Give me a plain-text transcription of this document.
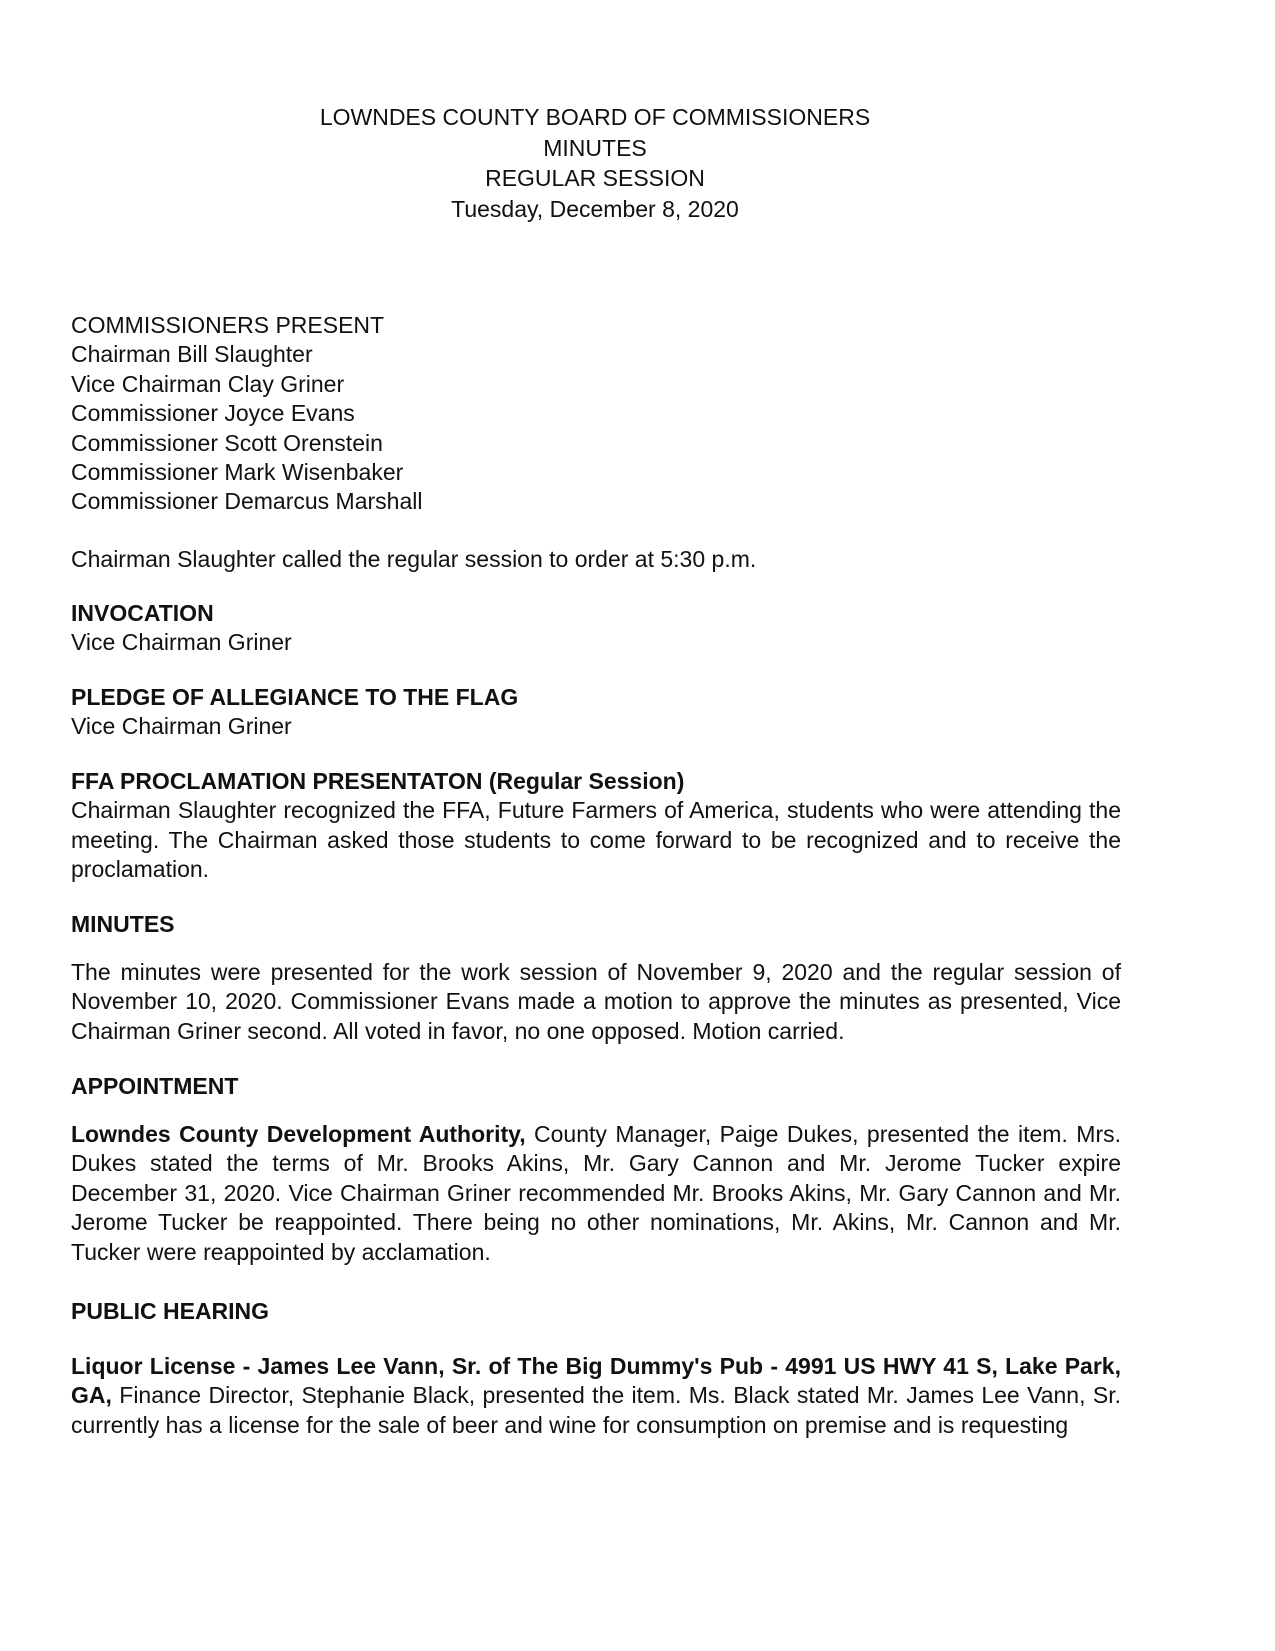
LOWNDES COUNTY BOARD OF COMMISSIONERS
MINUTES
REGULAR SESSION
Tuesday, December 8, 2020
COMMISSIONERS PRESENT
Chairman Bill Slaughter
Vice Chairman Clay Griner
Commissioner Joyce Evans
Commissioner Scott Orenstein
Commissioner Mark Wisenbaker
Commissioner Demarcus Marshall
Chairman Slaughter called the regular session to order at 5:30 p.m.
INVOCATION
Vice Chairman Griner
PLEDGE OF ALLEGIANCE TO THE FLAG
Vice Chairman Griner
FFA PROCLAMATION PRESENTATON (Regular Session)
Chairman Slaughter recognized the FFA, Future Farmers of America, students who were attending the meeting. The Chairman asked those students to come forward to be recognized and to receive the proclamation.
MINUTES
The minutes were presented for the work session of November 9, 2020 and the regular session of November 10, 2020. Commissioner Evans made a motion to approve the minutes as presented, Vice Chairman Griner second. All voted in favor, no one opposed. Motion carried.
APPOINTMENT
Lowndes County Development Authority, County Manager, Paige Dukes, presented the item. Mrs. Dukes stated the terms of Mr. Brooks Akins, Mr. Gary Cannon and Mr. Jerome Tucker expire December 31, 2020. Vice Chairman Griner recommended Mr. Brooks Akins, Mr. Gary Cannon and Mr. Jerome Tucker be reappointed. There being no other nominations, Mr. Akins, Mr. Cannon and Mr. Tucker were reappointed by acclamation.
PUBLIC HEARING
Liquor License - James Lee Vann, Sr. of The Big Dummy's Pub - 4991 US HWY 41 S, Lake Park, GA, Finance Director, Stephanie Black, presented the item. Ms. Black stated Mr. James Lee Vann, Sr. currently has a license for the sale of beer and wine for consumption on premise and is requesting
